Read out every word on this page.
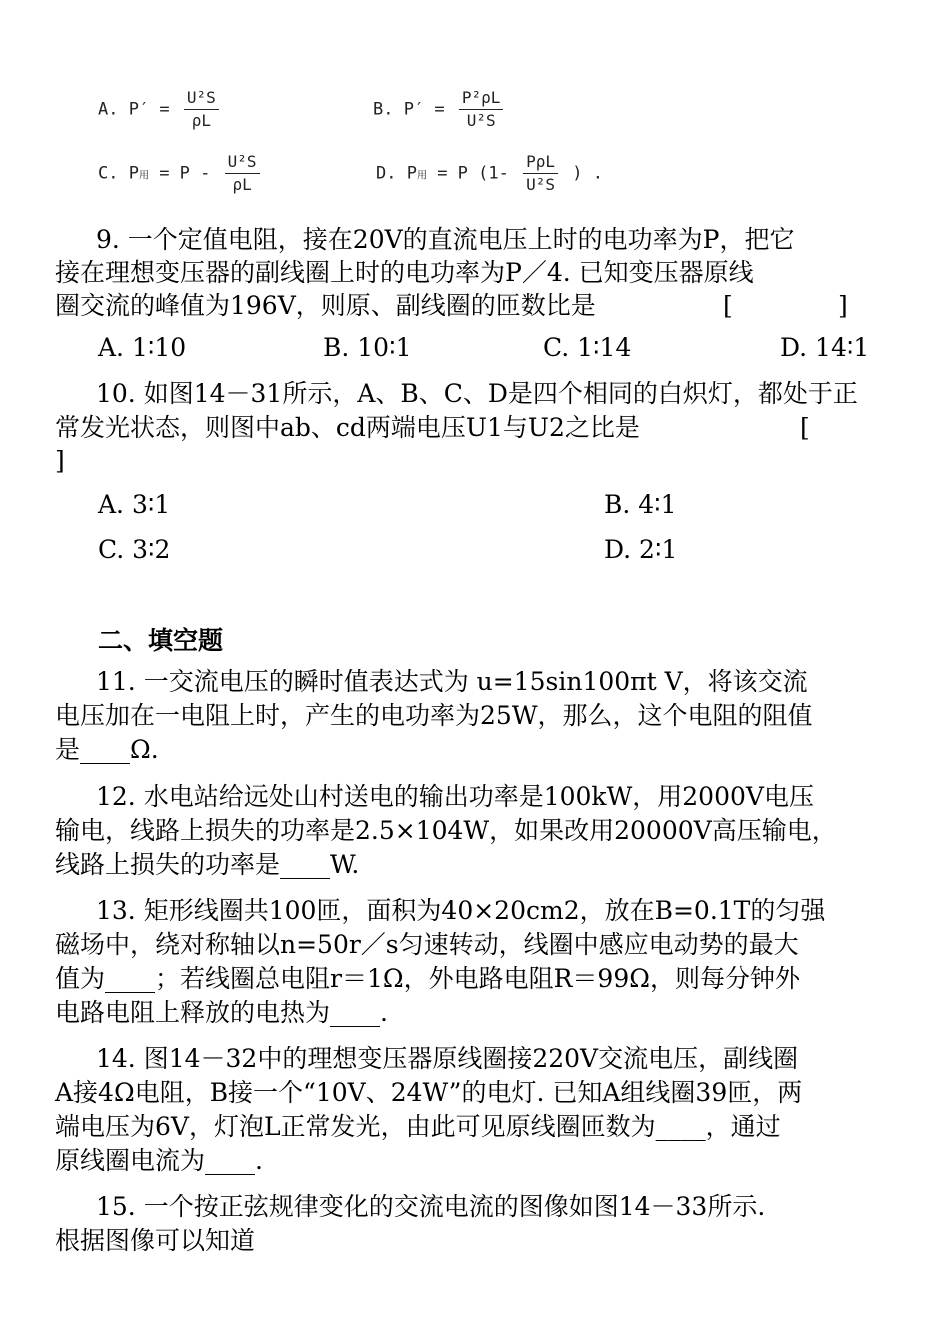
A. $P' = \frac{\text{U²S}}{\rho L}$	B. $P' = \frac{\text{P²ρL}}{\text{U²S}}$
C. P用 = P - $\frac{\text{U²S}}{\rho L}$	D. P用 = P ($1- \frac{\text{PρL}}{\text{U²S}}$ ) .
9. 一个定值电阻，接在20V的直流电压上时的电功率为P，把它
接在理想变压器的副线圈上时的电功率为P／4. 已知变压器原线
圈交流的峰值为196V，则原、副线圈的匝数比是	[	]
A. 1∶10	B. 10∶1	C. 1∶14	D. 14∶1
10. 如图14－31所示，A、B、C、D是四个相同的白炽灯，都处于正
常发光状态，则图中ab、cd两端电压U1与U2之比是	[
]
A. 3∶1	B. 4∶1
C. 3∶2	D. 2∶1
二、填空题
11. 一交流电压的瞬时值表达式为 u=15sin100πt V，将该交流
电压加在一电阻上时，产生的电功率为25W，那么，这个电阻的阻值
是____Ω.
12. 水电站给远处山村送电的输出功率是100kW，用2000V电压
输电，线路上损失的功率是2.5×104W，如果改用20000V高压输电，
线路上损失的功率是____W.
13. 矩形线圈共100匝，面积为40×20cm2，放在B=0.1T的匀强
磁场中，绕对称轴以n=50r／s匀速转动，线圈中感应电动势的最大
值为____；若线圈总电阻r＝1Ω，外电路电阻R＝99Ω，则每分钟外
电路电阻上释放的电热为____.
14. 图14－32中的理想变压器原线圈接220V交流电压，副线圈
A接4Ω电阻，B接一个“10V、24W”的电灯. 已知A组线圈39匝，两
端电压为6V，灯泡L正常发光，由此可见原线圈匝数为____，通过
原线圈电流为____.
15. 一个按正弦规律变化的交流电流的图像如图14－33所示.
根据图像可以知道
